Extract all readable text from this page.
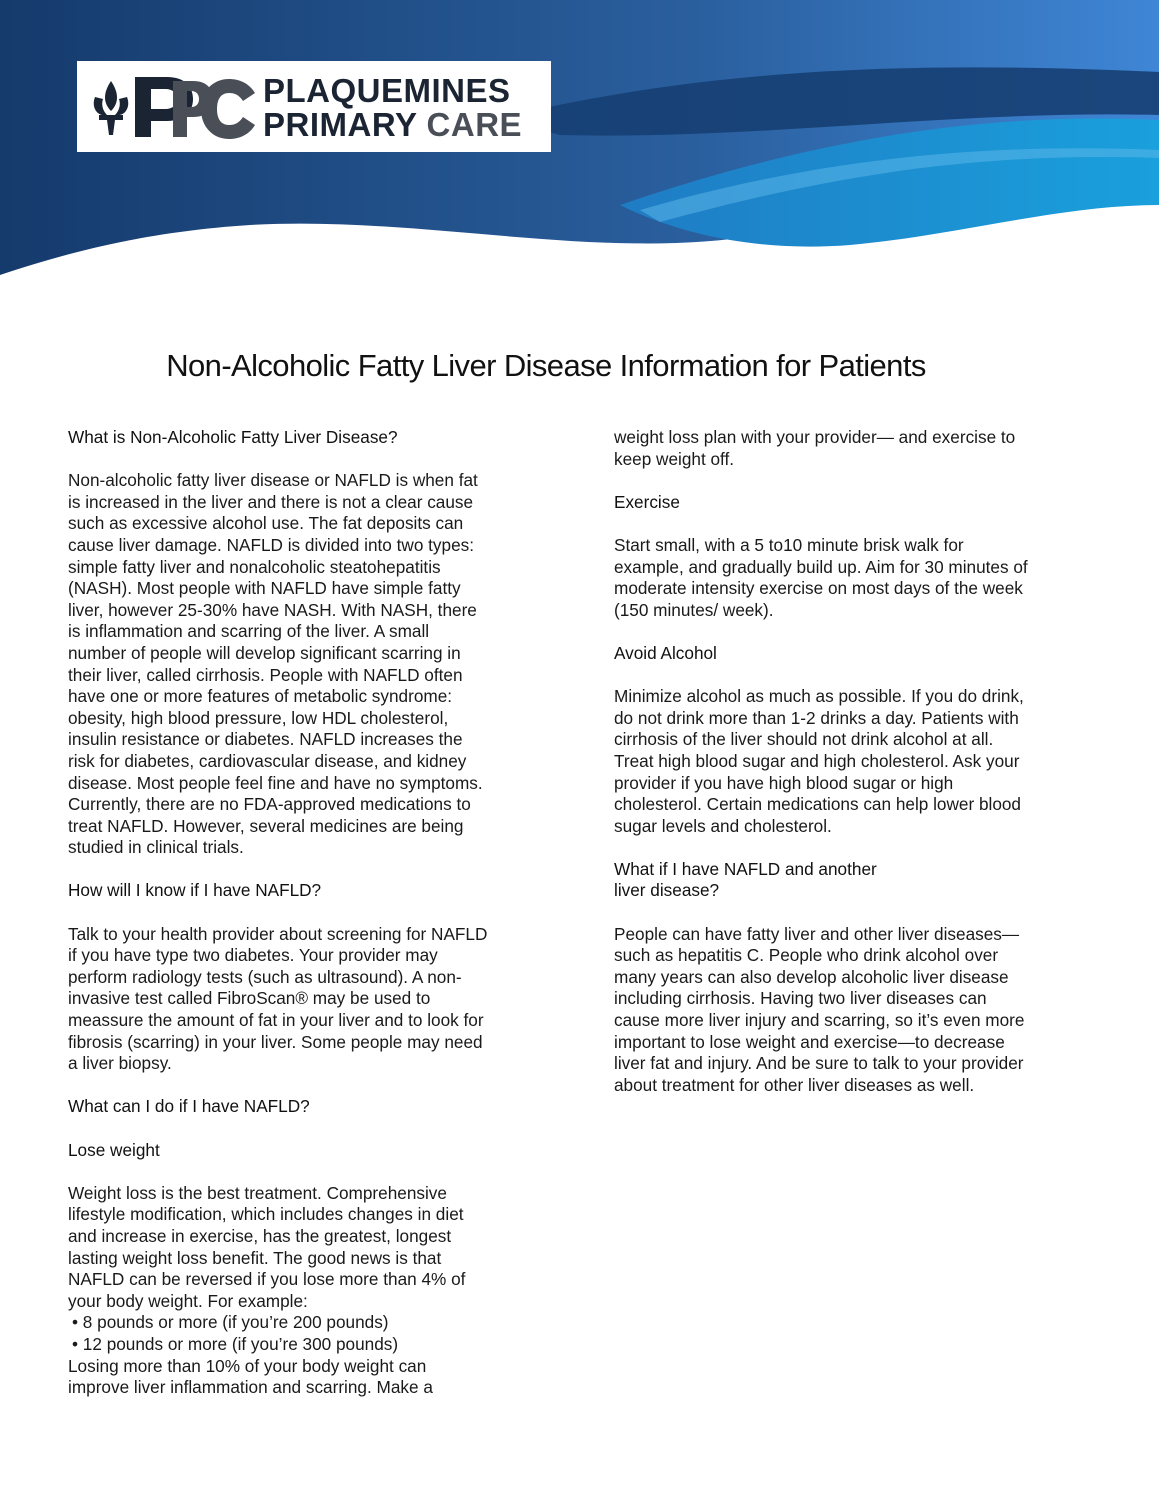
PLAQUEMINES
PRIMARY CARE
Non-Alcoholic Fatty Liver Disease Information for Patients
What is Non-Alcoholic Fatty Liver Disease?

Non-alcoholic fatty liver disease or NAFLD is when fat is increased in the liver and there is not a clear cause such as excessive alcohol use. The fat deposits can cause liver damage. NAFLD is divided into two types: simple fatty liver and nonalcoholic steatohepatitis (NASH). Most people with NAFLD have simple fatty liver, however 25-30% have NASH. With NASH, there is inflammation and scarring of the liver. A small number of people will develop significant scarring in their liver, called cirrhosis. People with NAFLD often have one or more features of metabolic syndrome: obesity, high blood pressure, low HDL cholesterol, insulin resistance or diabetes. NAFLD increases the risk for diabetes, cardiovascular disease, and kidney disease. Most people feel fine and have no symptoms. Currently, there are no FDA-approved medications to treat NAFLD. However, several medicines are being studied in clinical trials.

How will I know if I have NAFLD?

Talk to your health provider about screening for NAFLD if you have type two diabetes. Your provider may perform radiology tests (such as ultrasound). A non-invasive test called FibroScan® may be used to meassure the amount of fat in your liver and to look for fibrosis (scarring) in your liver. Some people may need a liver biopsy.

What can I do if I have NAFLD?
Lose weight
Weight loss is the best treatment. Comprehensive lifestyle modification, which includes changes in diet and increase in exercise, has the greatest, longest lasting weight loss benefit. The good news is that NAFLD can be reversed if you lose more than 4% of your body weight. For example:
• 8 pounds or more (if you’re 200 pounds)
• 12 pounds or more (if you’re 300 pounds)
Losing more than 10% of your body weight can improve liver inflammation and scarring. Make a

weight loss plan with your provider— and exercise to keep weight off.

Exercise

Start small, with a 5 to10 minute brisk walk for example, and gradually build up. Aim for 30 minutes of moderate intensity exercise on most days of the week (150 minutes/ week).

Avoid Alcohol

Minimize alcohol as much as possible. If you do drink, do not drink more than 1-2 drinks a day. Patients with cirrhosis of the liver should not drink alcohol at all. Treat high blood sugar and high cholesterol. Ask your provider if you have high blood sugar or high cholesterol. Certain medications can help lower blood sugar levels and cholesterol.

What if I have NAFLD and another
liver disease?

People can have fatty liver and other liver diseases— such as hepatitis C. People who drink alcohol over many years can also develop alcoholic liver disease including cirrhosis. Having two liver diseases can cause more liver injury and scarring, so it’s even more important to lose weight and exercise—to decrease liver fat and injury. And be sure to talk to your provider about treatment for other liver diseases as well.
